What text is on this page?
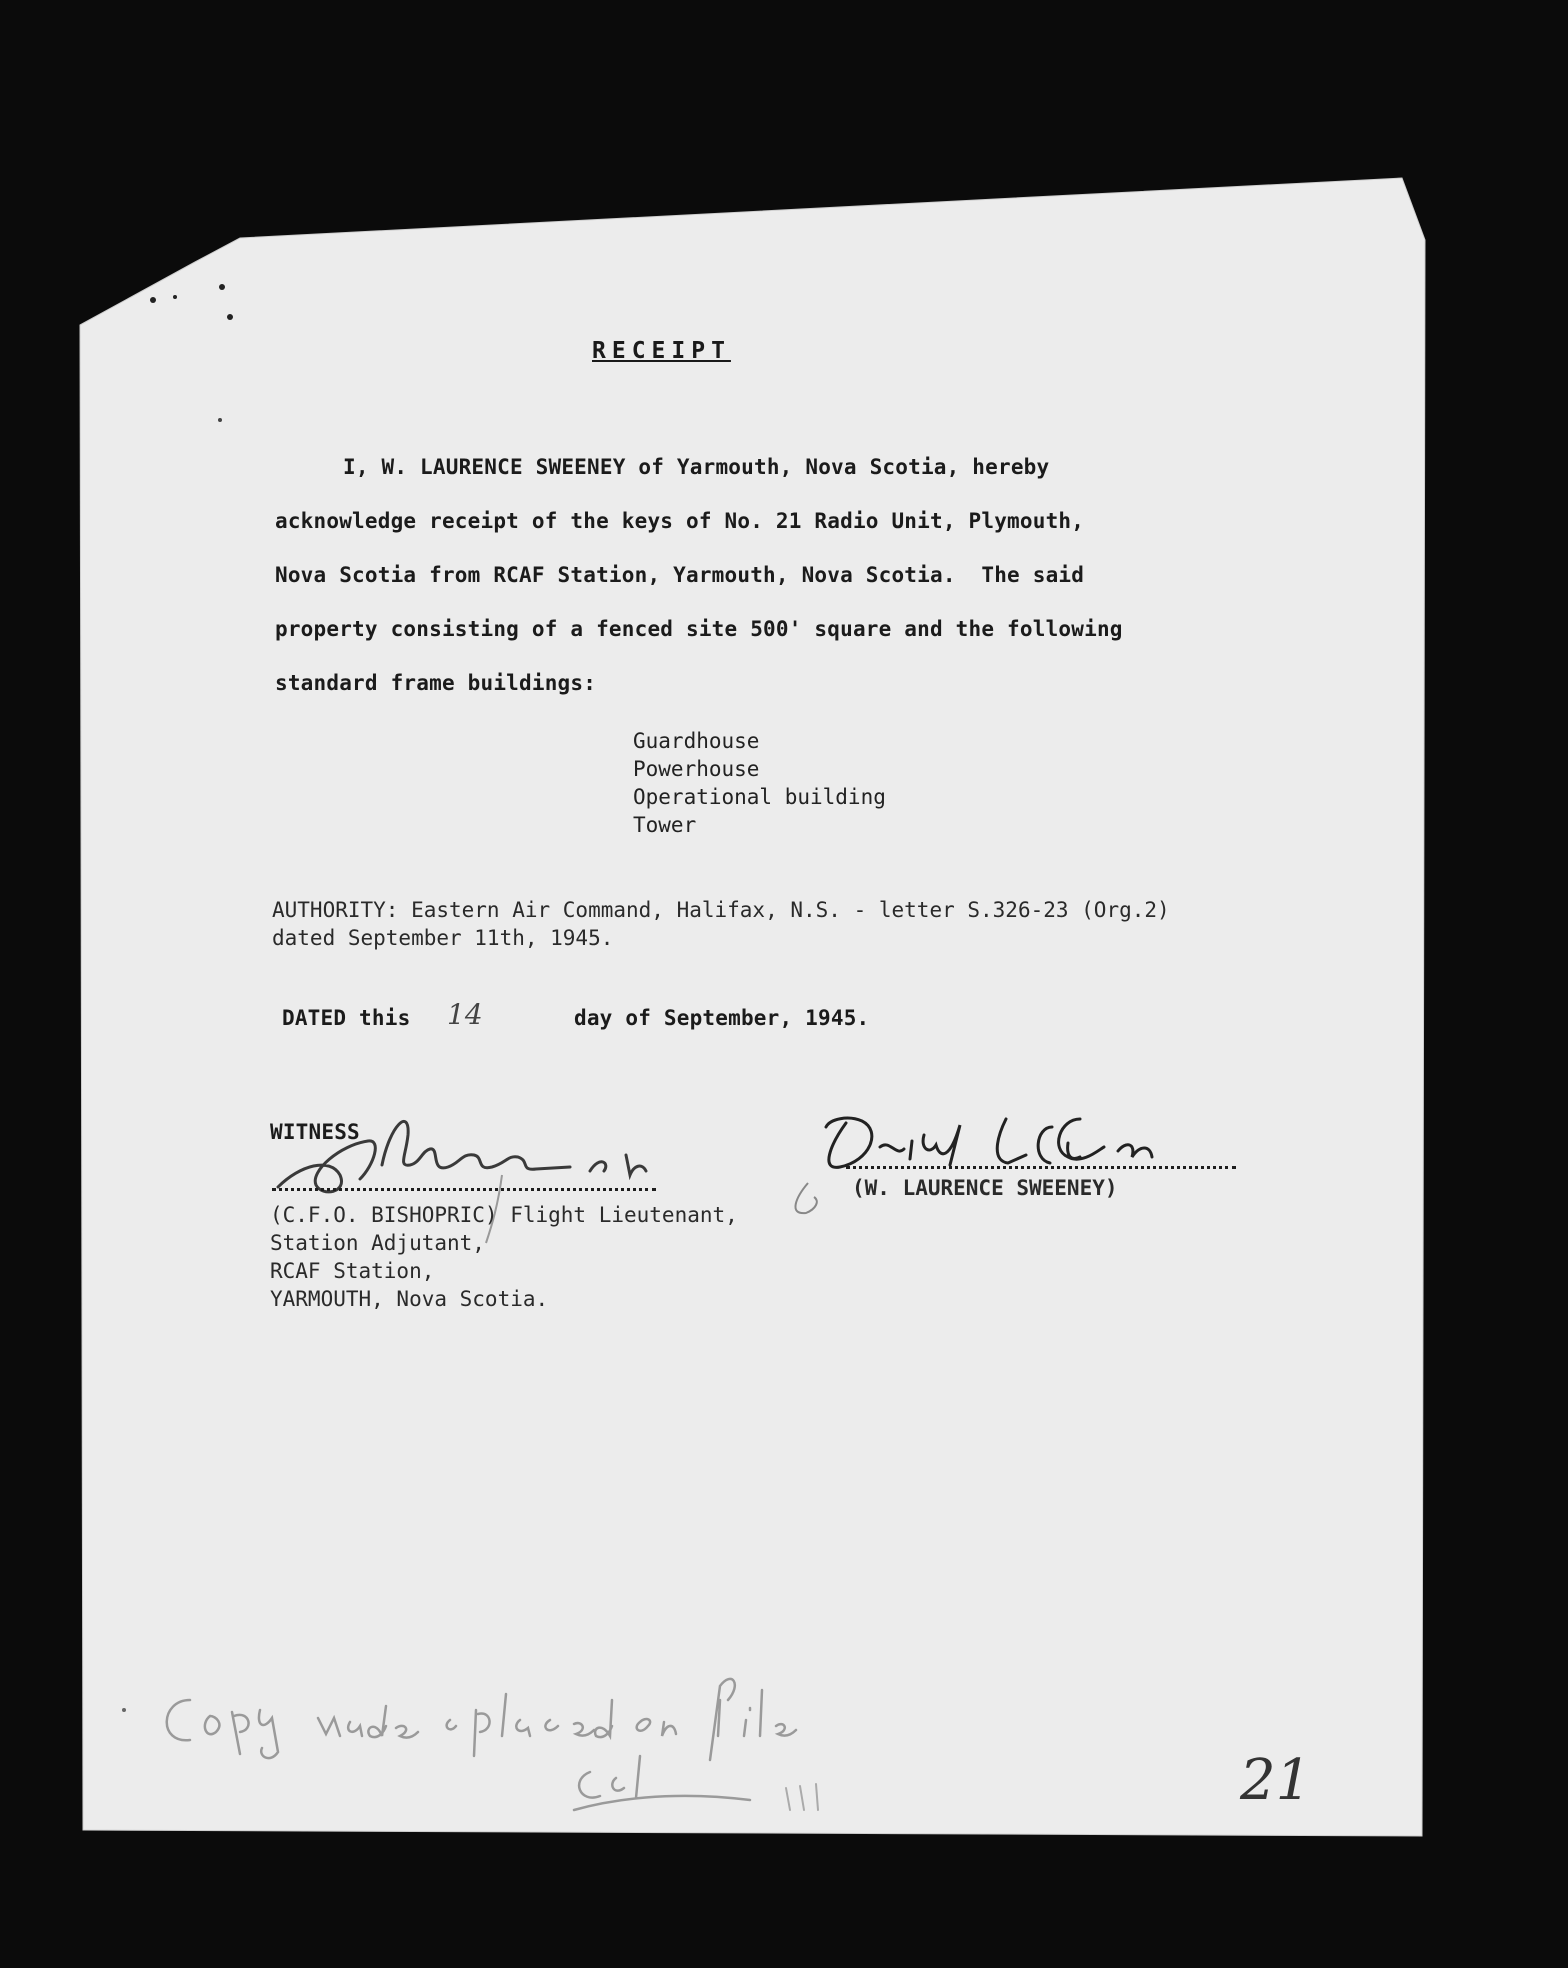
RECEIPT
I, W. LAURENCE SWEENEY of Yarmouth, Nova Scotia, hereby
acknowledge receipt of the keys of No. 21 Radio Unit, Plymouth,
Nova Scotia from RCAF Station, Yarmouth, Nova Scotia.  The said
property consisting of a fenced site 500' square and the following
standard frame buildings:
Guardhouse
Powerhouse
Operational building
Tower
AUTHORITY: Eastern Air Command, Halifax, N.S. - letter S.326-23 (Org.2)
dated September 11th, 1945.
DATED this 14	day of September, 1945.
WITNESS
(C.F.O. BISHOPRIC) Flight Lieutenant,
Station Adjutant,
RCAF Station,
YARMOUTH, Nova Scotia.
(W. LAURENCE SWEENEY)
21
